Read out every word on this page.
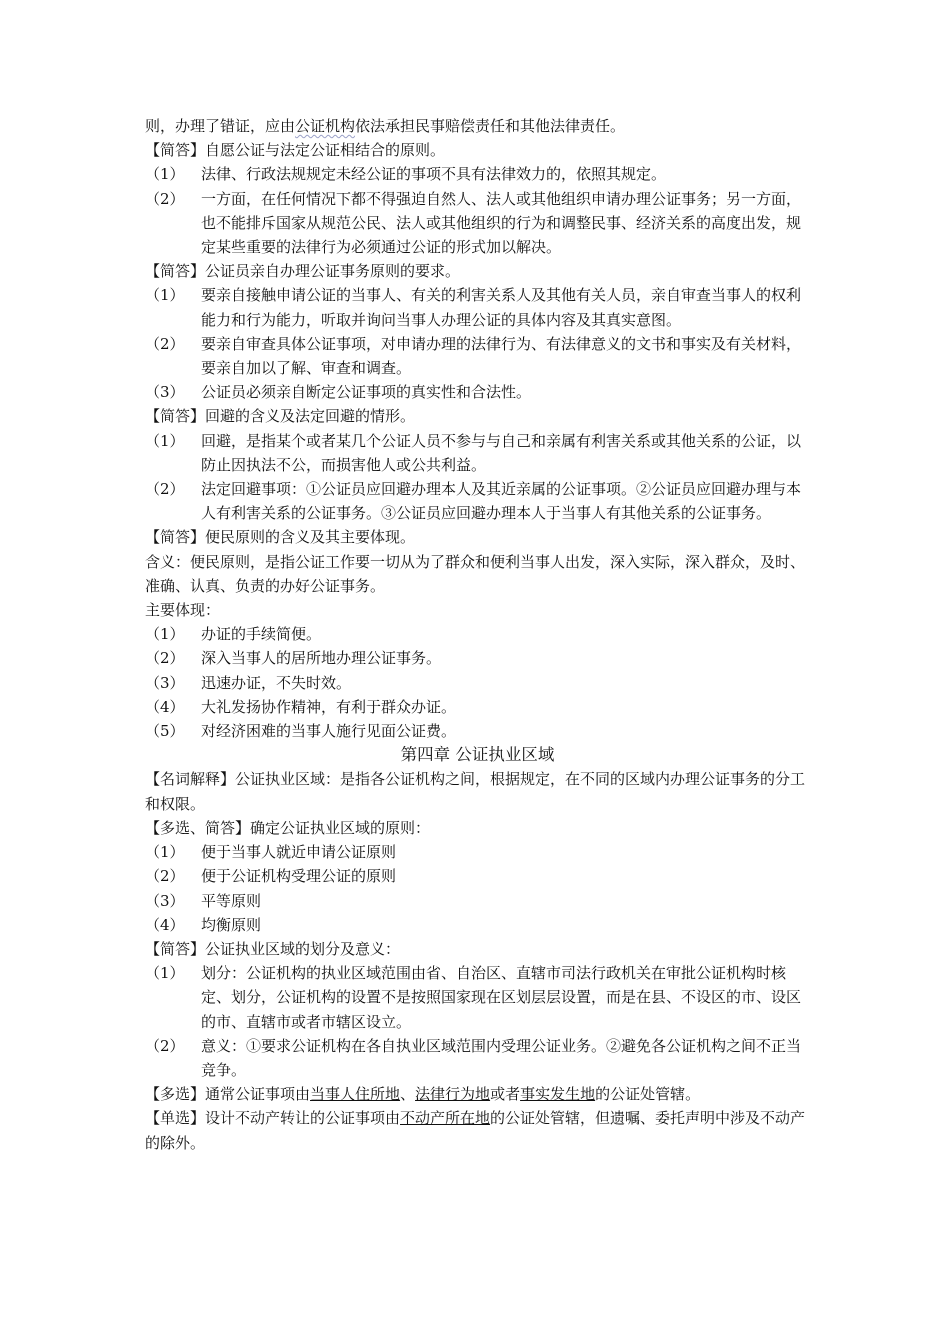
则，办理了错证，应由公证机构依法承担民事赔偿责任和其他法律责任。

【简答】自愿公证与法定公证相结合的原则。

（1）	法律、行政法规规定未经公证的事项不具有法律效力的，依照其规定。
（2）	一方面，在任何情况下都不得强迫自然人、法人或其他组织申请办理公证事务；另一方面，也不能排斥国家从规范公民、法人或其他组织的行为和调整民事、经济关系的高度出发，规定某些重要的法律行为必须通过公证的形式加以解决。

【简答】公证员亲自办理公证事务原则的要求。

（1）	要亲自接触申请公证的当事人、有关的利害关系人及其他有关人员，亲自审查当事人的权利能力和行为能力，听取并询问当事人办理公证的具体内容及其真实意图。
（2）	要亲自审查具体公证事项，对申请办理的法律行为、有法律意义的文书和事实及有关材料，要亲自加以了解、审查和调查。
（3）	公证员必须亲自断定公证事项的真实性和合法性。

【简答】回避的含义及法定回避的情形。

（1）	回避，是指某个或者某几个公证人员不参与与自己和亲属有利害关系或其他关系的公证，以防止因执法不公，而损害他人或公共利益。
（2）	法定回避事项：①公证员应回避办理本人及其近亲属的公证事项。②公证员应回避办理与本人有利害关系的公证事务。③公证员应回避办理本人于当事人有其他关系的公证事务。

【简答】便民原则的含义及其主要体现。

含义：便民原则，是指公证工作要一切从为了群众和便利当事人出发，深入实际，深入群众，及时、准确、认真、负责的办好公证事务。

主要体现：

（1）	办证的手续简便。
（2）	深入当事人的居所地办理公证事务。
（3）	迅速办证，不失时效。
（4）	大礼发扬协作精神，有利于群众办证。
（5）	对经济困难的当事人施行见面公证费。
第四章 公证执业区域

【名词解释】公证执业区域：是指各公证机构之间，根据规定，在不同的区域内办理公证事务的分工和权限。

【多选、简答】确定公证执业区域的原则：

（1）	便于当事人就近申请公证原则
（2）	便于公证机构受理公证的原则
（3）	平等原则
（4）	均衡原则

【简答】公证执业区域的划分及意义：

（1）	划分：公证机构的执业区域范围由省、自治区、直辖市司法行政机关在审批公证机构时核定、划分，公证机构的设置不是按照国家现在区划层层设置，而是在县、不设区的市、设区的市、直辖市或者市辖区设立。
（2）	意义：①要求公证机构在各自执业区域范围内受理公证业务。②避免各公证机构之间不正当竞争。

【多选】通常公证事项由当事人住所地、法律行为地或者事实发生地的公证处管辖。

【单选】设计不动产转让的公证事项由不动产所在地的公证处管辖，但遗嘱、委托声明中涉及不动产的除外。
